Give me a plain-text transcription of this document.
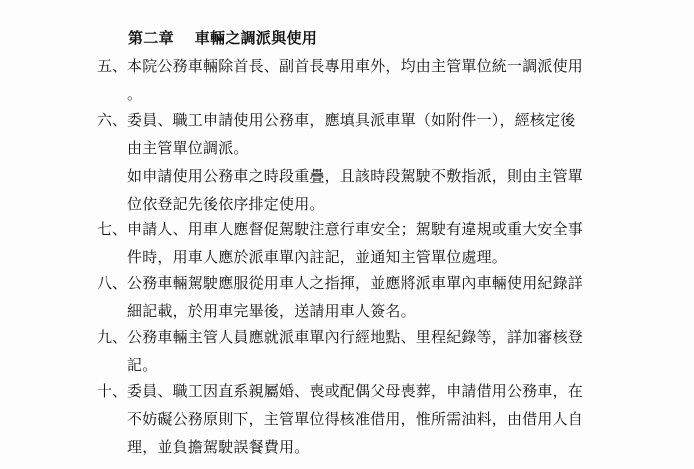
第二章　 車輛之調派與使用
五、 本院公務車輛除首長、副首長專用車外，均由主管單位統一調派使用
。
六、 委員、職工申請使用公務車，應填具派車單（如附件一），經核定後
由主管單位調派。
如申請使用公務車之時段重疊，且該時段駕駛不敷指派，則由主管單
位依登記先後依序排定使用。
七、 申請人、用車人應督促駕駛注意行車安全；駕駛有違規或重大安全事
件時，用車人應於派車單內註記，並通知主管單位處理。
八、 公務車輛駕駛應服從用車人之指揮，並應將派車單內車輛使用紀錄詳
細記載，於用車完畢後，送請用車人簽名。
九、 公務車輛主管人員應就派車單內行經地點、里程紀錄等，詳加審核登
記。
十、 委員、職工因直系親屬婚、喪或配偶父母喪葬，申請借用公務車，在
不妨礙公務原則下，主管單位得核准借用，惟所需油料，由借用人自
理，並負擔駕駛誤餐費用。
